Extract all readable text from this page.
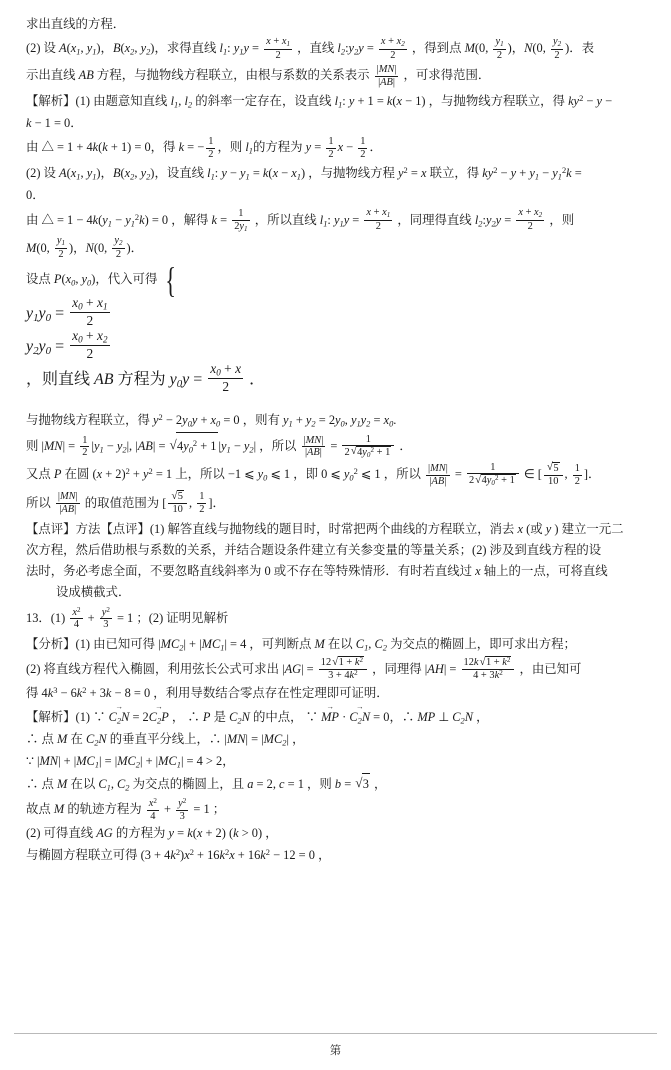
求出直线的方程．

(2) 设 $A(x_1$, $y_1$)，$B(x_2$, $y_2$)，求得直线 $l_1$: $y_1y = \frac{x + x_1}{2}$ ，直线 $l_2:y_2y = \frac{x + x_2}{2}$ ，得到点 M(0, $\frac{y_1}{2}$ )，N(0, $\frac{y_2}{2}$ )．表

示出直线 AB 方程，与抛物线方程联立，由根与系数的关系表示 $\frac{|MN|}{|AB|}$ ，可求得范围．

【解析】(1) 由题意知直线 $l_1$, $l_2$ 的斜率一定存在，设直线 $l_1$: y + 1 = k(x − 1) ，与抛物线方程联立，得 $ky^2 - y$ −

k − 1 = 0．

由 △ = 1 + 4k(k + 1) = 0，得 k = − $\frac{1}{2}$ ，则 $l_1$的方程为 $y = \frac{1}{2}$ $x - \frac{1}{2}$ ．

(2) 设 $A(x_1$, $y_1$)，$B(x_2$, $y_2$)，设直线 $l_1$: $y - y_1 = k(x - x_1)$ ，与抛物线方程 $y^2 = x$ 联立，得 $ky^2 - y + y_1 - y_1^2k$ =

0．

由 △ = $1 - 4k(y_1 - y_1^2k) = 0$ ，解得 $k = \frac{1}{2y_1}$ ，所以直线 $l_1$: $y_1y = \frac{x + x_1}{2}$ ，同理得直线 $l_2:y_2y = \frac{x + x_2}{2}$ ，则

M(0, $\frac{y_1}{2}$ )，N(0, $\frac{y_2}{2}$ )．

设点 $P(x_0$, $y_0$)，代入可得 {

$y_1y_0 = \frac{x_0 + x_1}{2}$
$y_2y_0 = \frac{x_0 + x_2}{2}$
，则直线 AB 方程为 $y_0y = \frac{x_0 + x}{2}$ ．

与抛物线方程联立，得 $y^2 - 2y_0y + x_0 = 0$ ，则有 $y_1 + y_2 = 2y_0$, $y_1y_2 = x_0$.

则 $|MN| = \frac{1}{2} |y_1 - y_2|$, |AB| = √ $4y_0^2 + 1$ $|y_1 - y_2|$ ，所以 $\frac{|MN|}{|AB|} = \frac{1}{2 √ 4y_0^2 + 1}$ ．

又点 P 在圆 $(x + 2)^2 + y^2 = 1$ 上，所以 −1 ⩽ $y_0$ ⩽ 1 ，即 0 ⩽ $y_0^2$ ⩽ 1 ，所以 $\frac{|MN|}{|AB|} = \frac{1}{2 √ 4y_0^2 + 1}$ ∈ [ √ $\frac{5}{10}$ , $\frac{1}{2}$ ]．

所以 $\frac{|MN|}{|AB|}$ 的取值范围为 [ √ $\frac{5}{10}$ , $\frac{1}{2}$ ]．

【点评】方法【点评】(1) 解答直线与抛物线的题目时，时常把两个曲线的方程联立，消去 x (或 y ) 建立一元二

次方程，然后借助根与系数的关系，并结合题设条件建立有关参变量的等量关系；(2) 涉及到直线方程的设

法时，务必考虑全面，不要忽略直线斜率为 0 或不存在等特殊情形．有时若直线过 x 轴上的一点，可将直线

设成横截式．

13．$(1) \frac{x^2}{4} + \frac{y^2}{3} = 1$ ；(2) 证明见解析

【分析】(1) 由已知可得 $|MC_2| + |MC_1| = 4$ ，可判断点 M 在以 $C_1$, $C_2$ 为交点的椭圆上，即可求出方程；

(2) 将直线方程代入椭圆，利用弦长公式可求出 $|AG| = \frac{12 √ 1 + k^2}{3 + 4k^2}$ ，同理得 $|AH| = \frac{12k √ 1 + k^2}{4 + 3k^2}$ ，由已知可

得 $4k^3 - 6k^2 + 3k - 8 = 0$ ，利用导数结合零点存在性定理即可证明．

【解析】(1) ∵ $C_2N$ → = $2C_2P$ → ， ∴ P 是 $C_2N$ 的中点， ∵ MP → · $C_2N$ → = 0，∴ MP ⊥ $C_2N$ ，

∴ 点 M 在 $C_2N$ 的垂直平分线上，∴ $|MN| = |MC_2|$ ，

∵ $|MN| + |MC_1| = |MC_2| + |MC_1| = 4 > 2$，

∴ 点 M 在以 $C_1$, $C_2$ 为交点的椭圆上，且 a = 2, c = 1 ，则 b = √ 3 ，

故点 M 的轨迹方程为 $\frac{x^2}{4} + \frac{y^2}{3} = 1$ ；

(2) 可得直线 AG 的方程为 y = k(x + 2) (k > 0) ，

与椭圆方程联立可得 $(3 + 4k^2)x^2 + 16k^2x + 16k^2 - 12 = 0$ ，

第
